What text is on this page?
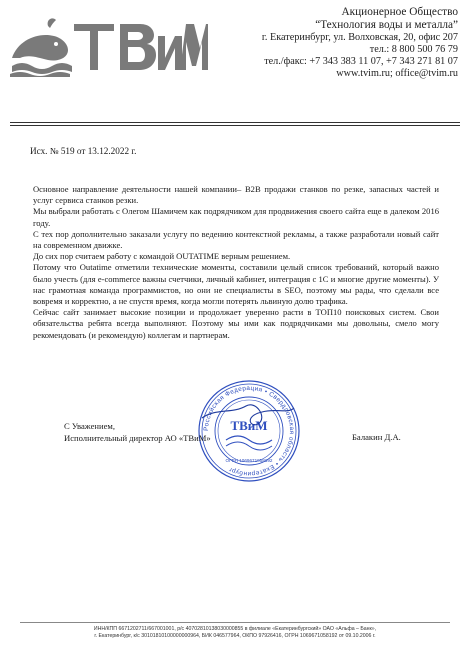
Акционерное Общество
“Технология воды и металла”
г. Екатеринбург, ул. Волховская, 20, офис 207
тел.: 8 800 500 76 79
тел./факс: +7 343 383 11 07, +7 343 271 81 07
www.tvim.ru; office@tvim.ru
Исх. № 519 от 13.12.2022 г.

Основное направление деятельности нашей компании– B2B продажи станков по резке, запасных частей и услуг сервиса станков резки.

Мы выбрали работать с Олегом Шамичем как подрядчиком для продвижения своего сайта еще в далеком 2016 году.

С тех пор дополнительно заказали услугу по ведению контекстной рекламы, а также разработали новый сайт на современном движке.

До сих пор считаем работу с командой OUTATIME верным решением.

Потому что Outatime отметили технические моменты, составили целый список требований, который важно было учесть (для e-commerce важны счетчики, личный кабинет, интеграция с 1С и многие другие моменты). У нас грамотная команда программистов, но они не специалисты в SEO, поэтому мы рады, что сделали все вовремя и корректно, а не спустя время, когда могли потерять львиную долю трафика.

Сейчас сайт занимает высокие позиции и продолжает уверенно расти в ТОП10 поисковых систем. Свои обязательства ребята всегда выполняют. Поэтому мы ими как подрядчиками мы довольны, смело могу рекомендовать (и рекомендую) коллегам и партнерам.

Российская Федерация • Свердловская область • Екатеринбург
ТВиМ
ОГРН 1069671058192
С Уважением,
Исполнительный директор АО «ТВиМ»	Балакин Д.А.
ИНН/КПП 6671202711/667001001, р/с 40702810138030000855 в филиале «Екатеринбургский» ОАО «Альфа – Банк»,
г. Екатеринбург, к/с 30101810100000000964, БИК 046577964, ОКПО 97926416, ОГРН 1069671058192 от 09.10.2006 г.
